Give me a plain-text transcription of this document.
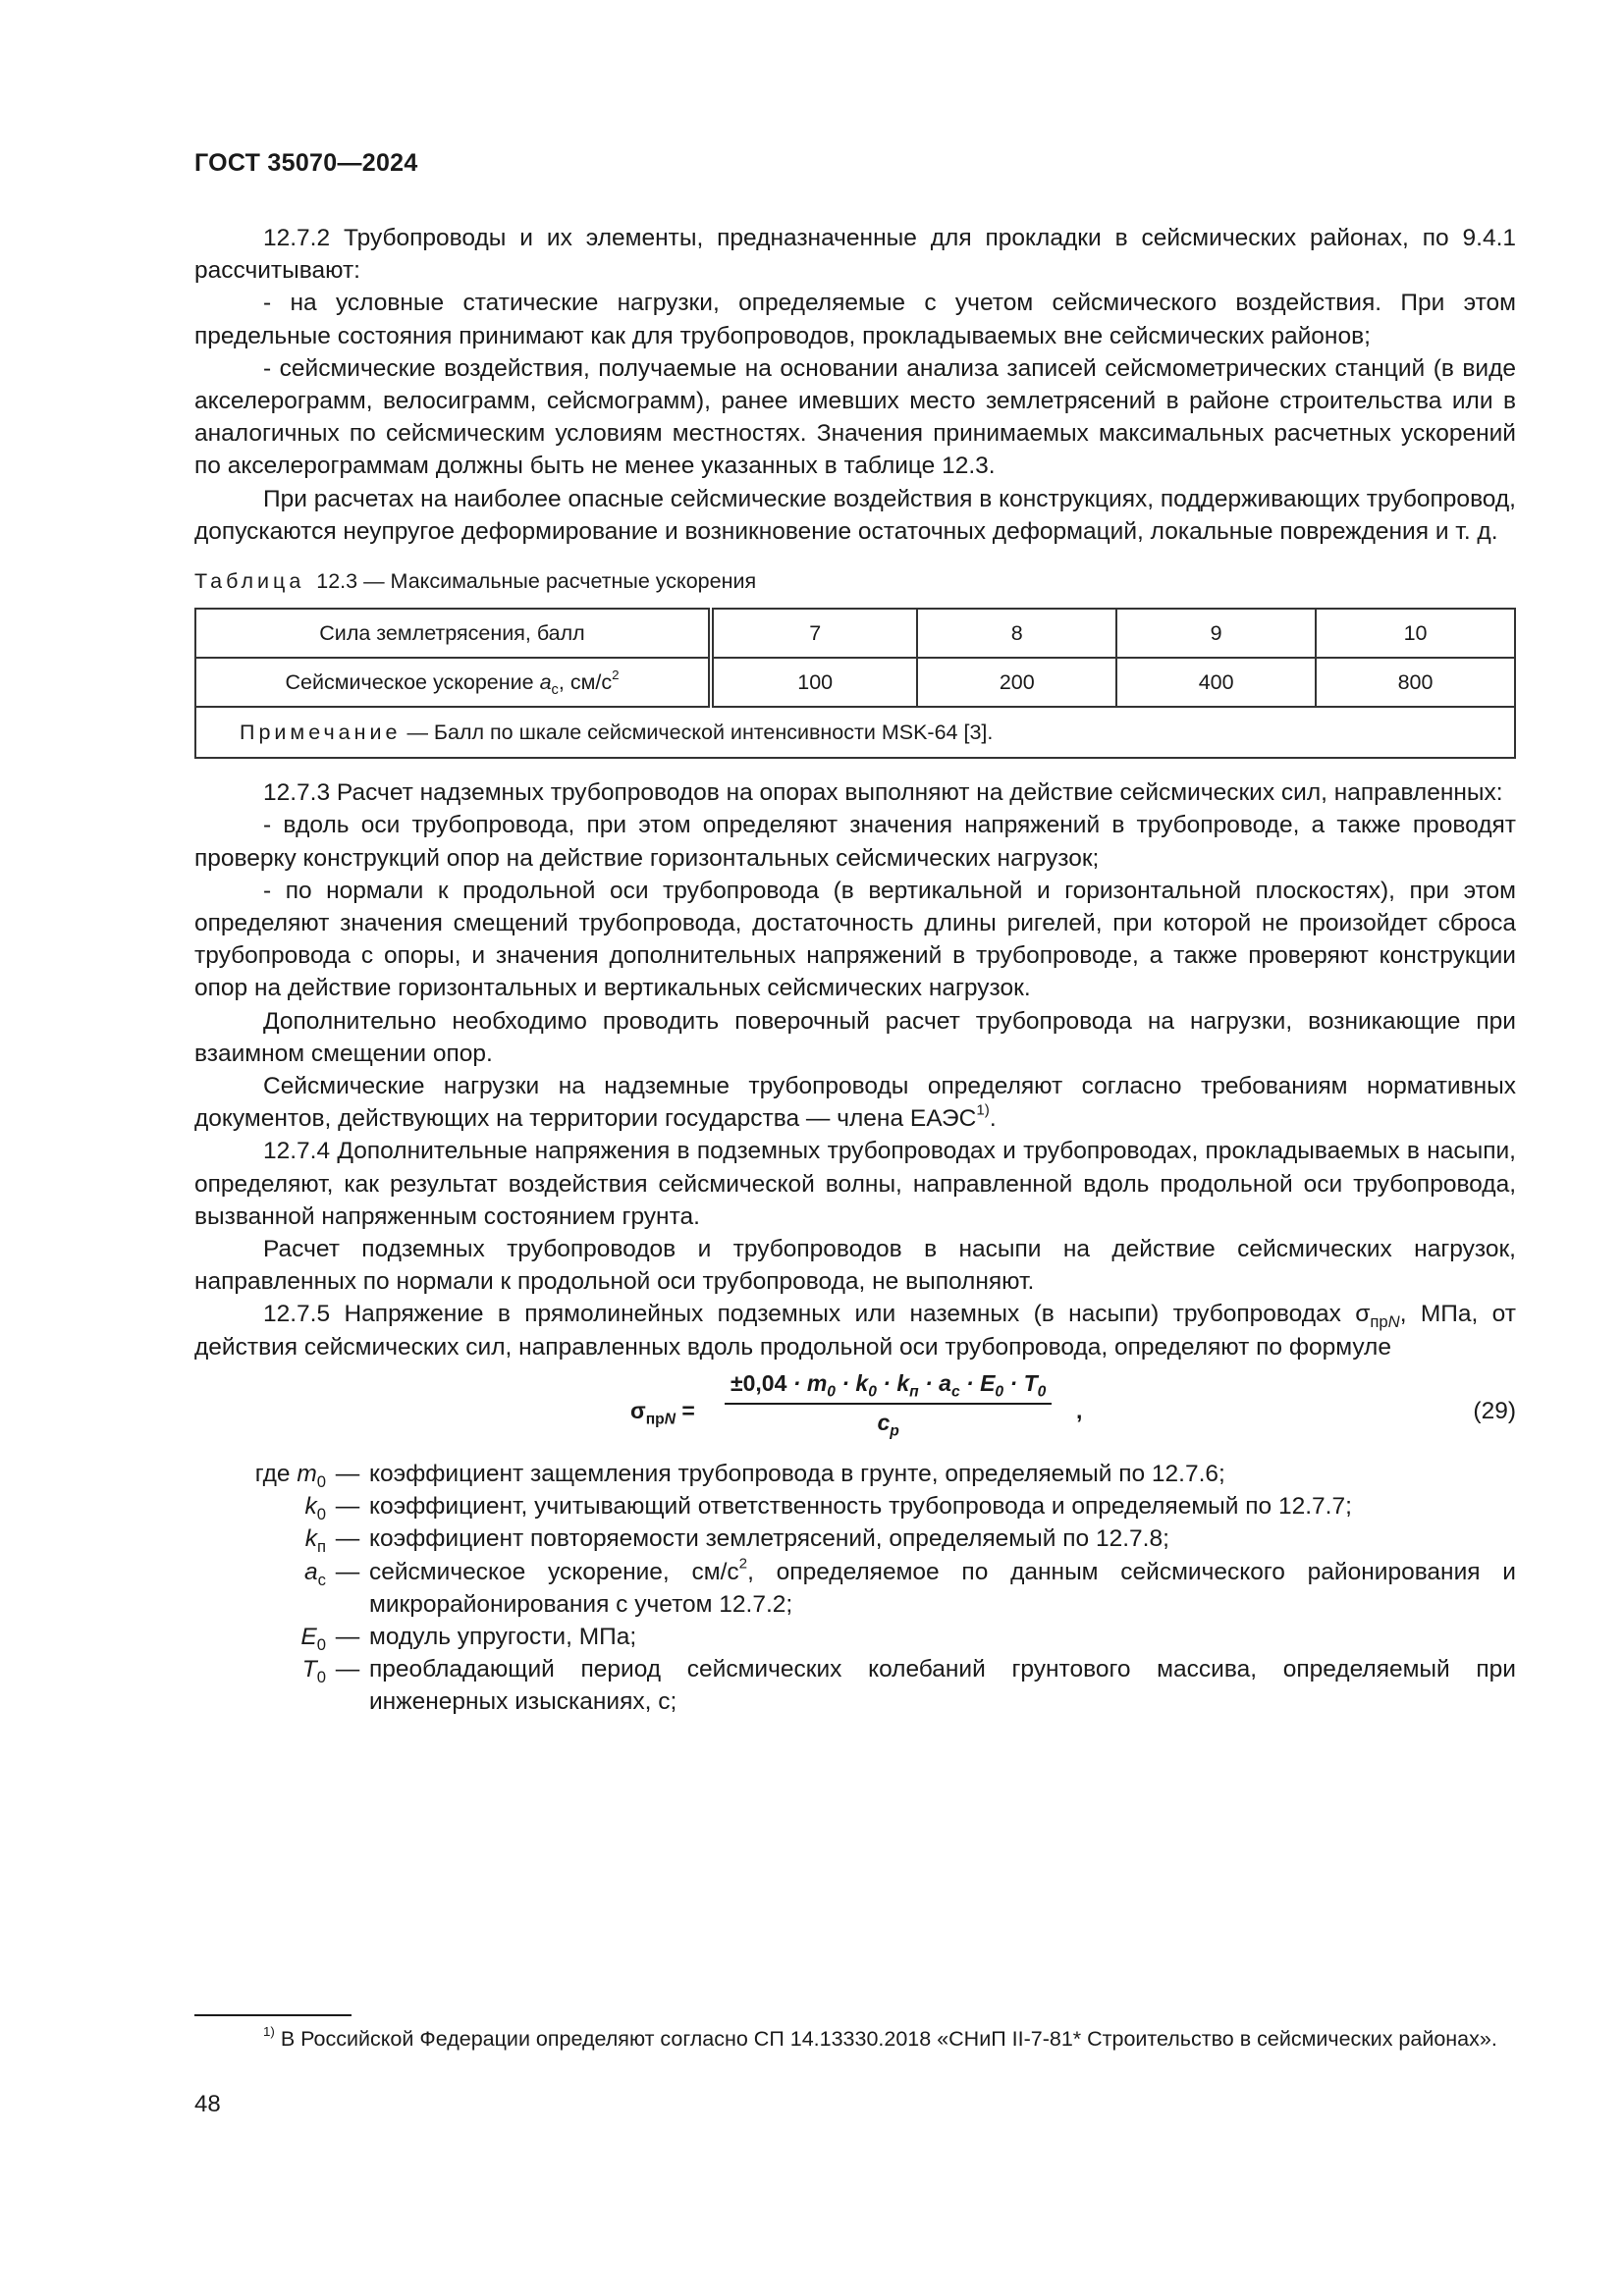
ГОСТ 35070—2024

12.7.2 Трубопроводы и их элементы, предназначенные для прокладки в сейсмических районах, по 9.4.1 рассчитывают:

- на условные статические нагрузки, определяемые с учетом сейсмического воздействия. При этом предельные состояния принимают как для трубопроводов, прокладываемых вне сейсмических районов;

- сейсмические воздействия, получаемые на основании анализа записей сейсмометрических станций (в виде акселерограмм, велосиграмм, сейсмограмм), ранее имевших место землетрясений в районе строительства или в аналогичных по сейсмическим условиям местностях. Значения принимаемых максимальных расчетных ускорений по акселерограммам должны быть не менее указанных в таблице 12.3.

При расчетах на наиболее опасные сейсмические воздействия в конструкциях, поддерживающих трубопровод, допускаются неупругое деформирование и возникновение остаточных деформаций, локальные повреждения и т. д.

Таблица 12.3 — Максимальные расчетные ускорения

Сила землетрясения, балл	7	8	9	10
Сейсмическое ускорение $a_c$, $см/с^2$	100	200	400	800
Примечание — Балл по шкале сейсмической интенсивности MSK-64 [3].				

12.7.3 Расчет надземных трубопроводов на опорах выполняют на действие сейсмических сил, направленных:

- вдоль оси трубопровода, при этом определяют значения напряжений в трубопроводе, а также проводят проверку конструкций опор на действие горизонтальных сейсмических нагрузок;

- по нормали к продольной оси трубопровода (в вертикальной и горизонтальной плоскостях), при этом определяют значения смещений трубопровода, достаточность длины ригелей, при которой не произойдет сброса трубопровода с опоры, и значения дополнительных напряжений в трубопроводе, а также проверяют конструкции опор на действие горизонтальных и вертикальных сейсмических нагрузок.

Дополнительно необходимо проводить поверочный расчет трубопровода на нагрузки, возникающие при взаимном смещении опор.

Сейсмические нагрузки на надземные трубопроводы определяют согласно требованиям нормативных документов, действующих на территории государства — члена ЕАЭС$^{1)}$.

12.7.4 Дополнительные напряжения в подземных трубопроводах и трубопроводах, прокладываемых в насыпи, определяют, как результат воздействия сейсмической волны, направленной вдоль продольной оси трубопровода, вызванной напряженным состоянием грунта.

Расчет подземных трубопроводов и трубопроводов в насыпи на действие сейсмических нагрузок, направленных по нормали к продольной оси трубопровода, не выполняют.

12.7.5 Напряжение в прямолинейных подземных или наземных (в насыпи) трубопроводах $\sigma_{прN}$, МПа, от действия сейсмических сил, направленных вдоль продольной оси трубопровода, определяют по формуле

$\sigma_{прN}$ =
$\pm 0,04 \cdot m_0 \cdot k_0 \cdot k_п \cdot a_c \cdot E_0 \cdot T_0$
$c_p$
,	(29)
где $m_0$ — коэффициент защемления трубопровода в грунте, определяемый по 12.7.6;
$k_0$ — коэффициент, учитывающий ответственность трубопровода и определяемый по 12.7.7;
$k_п$ — коэффициент повторяемости землетрясений, определяемый по 12.7.8;
$a_c$ — сейсмическое ускорение, $см/с^2$, определяемое по данным сейсмического районирования и микрорайонирования с учетом 12.7.2;
$E_0$ — модуль упругости, МПа;
$T_0$ — преобладающий период сейсмических колебаний грунтового массива, определяемый при инженерных изысканиях, с;

$^{1)}$ В Российской Федерации определяют согласно СП 14.13330.2018 «СНиП II-7-81* Строительство в сейсмических районах».

48
